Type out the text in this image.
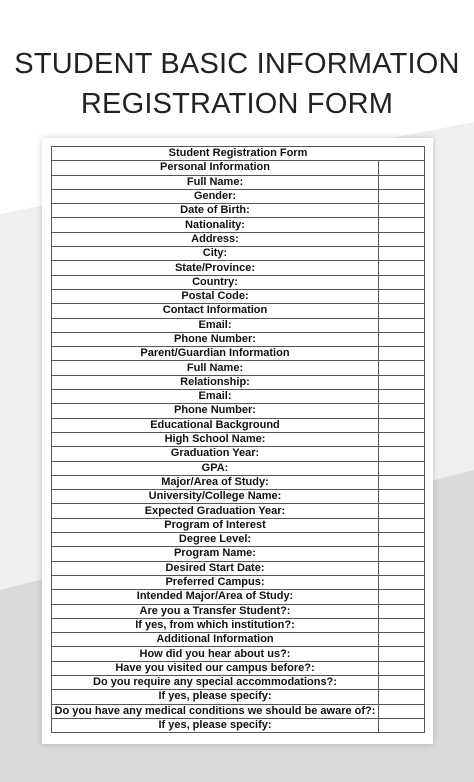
STUDENT BASIC INFORMATION
REGISTRATION FORM
Student Registration Form	
Personal Information	
Full Name:	
Gender:	
Date of Birth:	
Nationality:	
Address:	
City:	
State/Province:	
Country:	
Postal Code:	
Contact Information	
Email:	
Phone Number:	
Parent/Guardian Information	
Full Name:	
Relationship:	
Email:	
Phone Number:	
Educational Background	
High School Name:	
Graduation Year:	
GPA:	
Major/Area of Study:	
University/College Name:	
Expected Graduation Year:	
Program of Interest	
Degree Level:	
Program Name:	
Desired Start Date:	
Preferred Campus:	
Intended Major/Area of Study:	
Are you a Transfer Student?:	
If yes, from which institution?:	
Additional Information	
How did you hear about us?:	
Have you visited our campus before?:	
Do you require any special accommodations?:	
If yes, please specify:	
Do you have any medical conditions we should be aware of?:	
If yes, please specify:	
